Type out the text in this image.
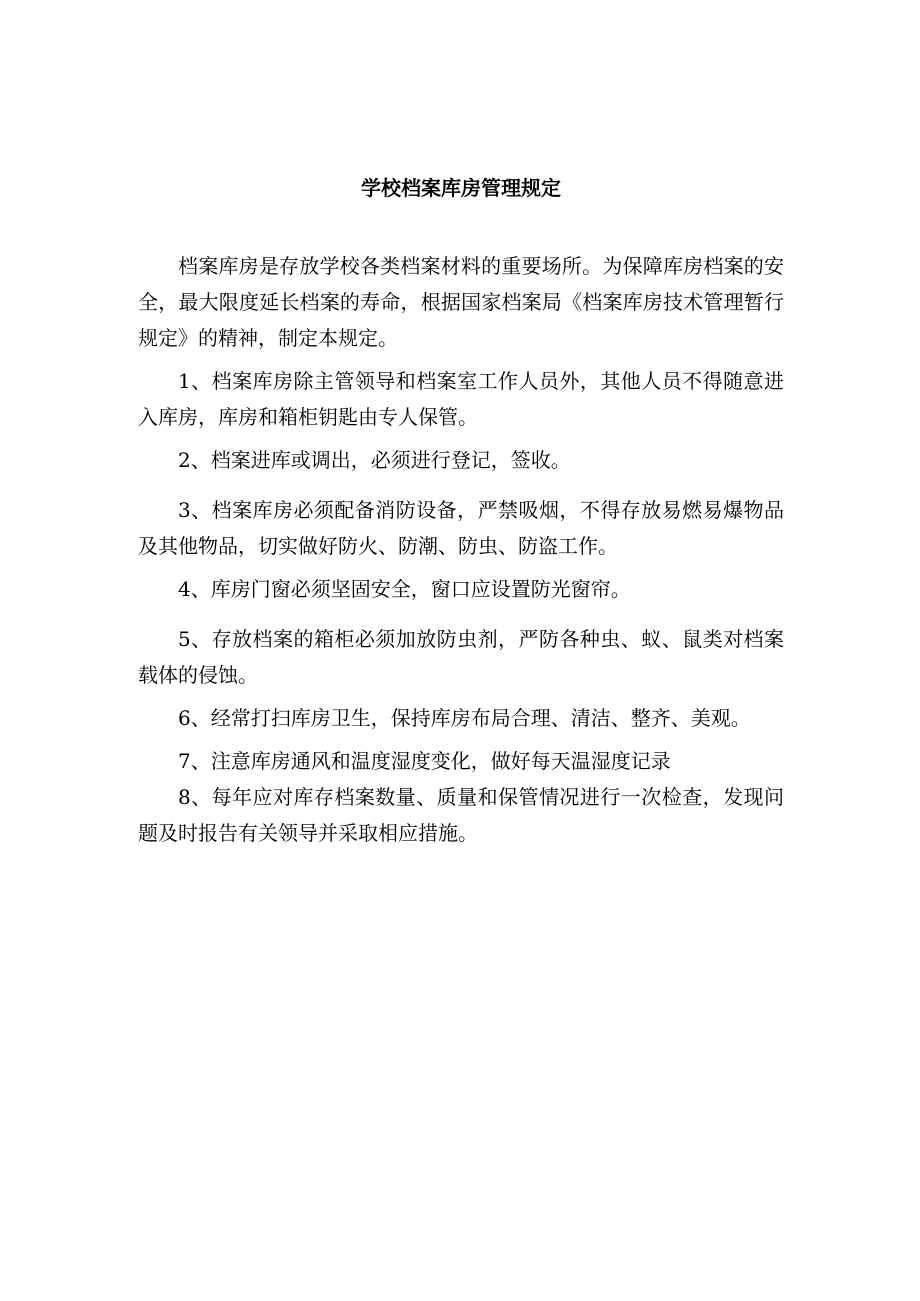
学校档案库房管理规定

档案库房是存放学校各类档案材料的重要场所。为保障库房档案的安全，最大限度延长档案的寿命，根据国家档案局《档案库房技术管理暂行规定》的精神，制定本规定。

1、档案库房除主管领导和档案室工作人员外，其他人员不得随意进入库房，库房和箱柜钥匙由专人保管。

2、档案进库或调出，必须进行登记，签收。

3、档案库房必须配备消防设备，严禁吸烟，不得存放易燃易爆物品及其他物品，切实做好防火、防潮、防虫、防盗工作。

4、库房门窗必须坚固安全，窗口应设置防光窗帘。

5、存放档案的箱柜必须加放防虫剂，严防各种虫、蚁、鼠类对档案载体的侵蚀。

6、经常打扫库房卫生，保持库房布局合理、清洁、整齐、美观。

7、注意库房通风和温度湿度变化，做好每天温湿度记录

8、每年应对库存档案数量、质量和保管情况进行一次检查，发现问题及时报告有关领导并采取相应措施。
